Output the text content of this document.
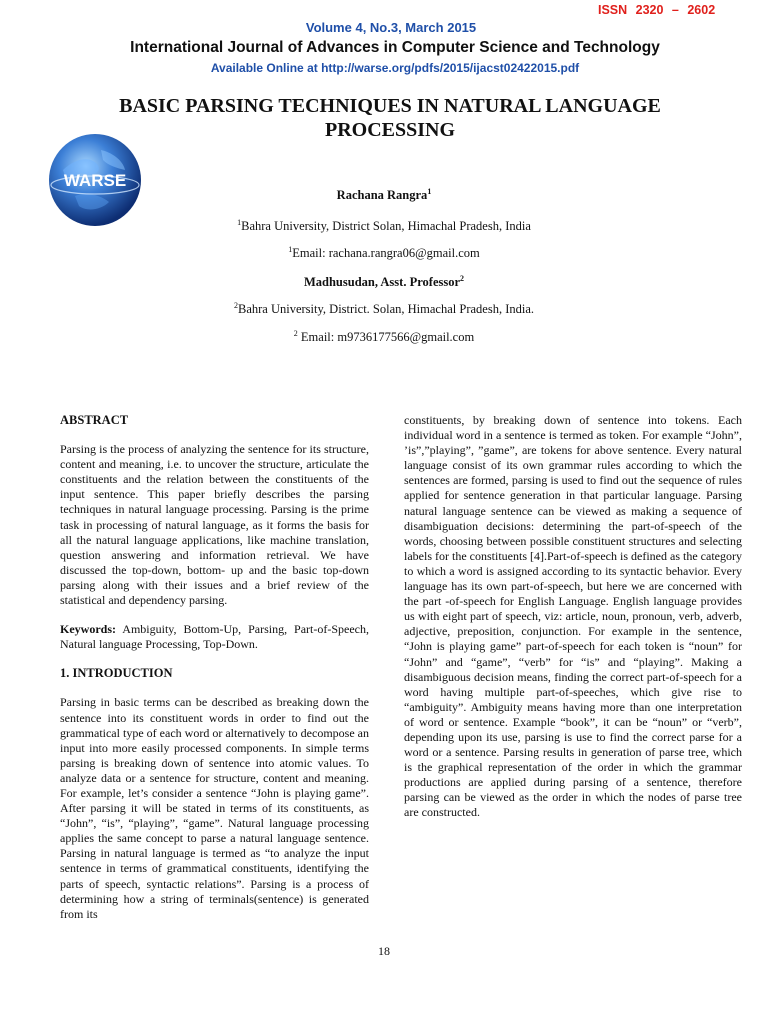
ISSN 2320 – 2602
Volume 4, No.3, March 2015
International Journal of Advances in Computer Science and Technology
Available Online at http://warse.org/pdfs/2015/ijacst02422015.pdf
WARSE
BASIC PARSING TECHNIQUES IN NATURAL LANGUAGE
PROCESSING
Rachana Rangra$^1$
$^1$Bahra University, District Solan, Himachal Pradesh, India
$^1$Email: rachana.rangra06@gmail.com
Madhusudan, Asst. Professor$^2$
$^2$Bahra University, District. Solan, Himachal Pradesh, India.
$^2$ Email: m9736177566@gmail.com
ABSTRACT

Parsing is the process of analyzing the sentence for its structure, content and meaning, i.e. to uncover the structure, articulate the constituents and the relation between the constituents of the input sentence. This paper briefly describes the parsing techniques in natural language processing. Parsing is the prime task in processing of natural language, as it forms the basis for all the natural language applications, like machine translation, question answering and information retrieval. We have discussed the top-down, bottom- up and the basic top-down parsing along with their issues and a brief review of the statistical and dependency parsing.

Keywords: Ambiguity, Bottom-Up, Parsing, Part-of-Speech, Natural language Processing, Top-Down.

1. INTRODUCTION

Parsing in basic terms can be described as breaking down the sentence into its constituent words in order to find out the grammatical type of each word or alternatively to decompose an input into more easily processed components. In simple terms parsing is breaking down of sentence into atomic values. To analyze data or a sentence for structure, content and meaning. For example, let’s consider a sentence “John is playing game”. After parsing it will be stated in terms of its constituents, as “John”, “is”, “playing”, “game”. Natural language processing applies the same concept to parse a natural language sentence. Parsing in natural language is termed as “to analyze the input sentence in terms of grammatical constituents, identifying the parts of speech, syntactic relations”. Parsing is a process of determining how a string of terminals(sentence) is generated from its

constituents, by breaking down of sentence into tokens. Each individual word in a sentence is termed as token. For example “John”, ’is”,”playing”, ”game”, are tokens for above sentence. Every natural language consist of its own grammar rules according to which the sentences are formed, parsing is used to find out the sequence of rules applied for sentence generation in that particular language. Parsing natural language sentence can be viewed as making a sequence of disambiguation decisions: determining the part-of-speech of the words, choosing between possible constituent structures and selecting labels for the constituents [4].Part-of-speech is defined as the category to which a word is assigned according to its syntactic behavior. Every language has its own part-of-speech, but here we are concerned with the part -of-speech for English Language. English language provides us with eight part of speech, viz: article, noun, pronoun, verb, adverb, adjective, preposition, conjunction. For example in the sentence, “John is playing game” part-of-speech for each token is “noun” for “John” and “game”, “verb” for “is” and “playing”. Making a disambiguous decision means, finding the correct part-of-speech for a word having multiple part-of-speeches, which give rise to “ambiguity”. Ambiguity means having more than one interpretation of word or sentence. Example “book”, it can be “noun” or “verb”, depending upon its use, parsing is use to find the correct parse for a word or a sentence. Parsing results in generation of parse tree, which is the graphical representation of the order in which the grammar productions are applied during parsing of a sentence, therefore parsing can be viewed as the order in which the nodes of parse tree are constructed.

18
